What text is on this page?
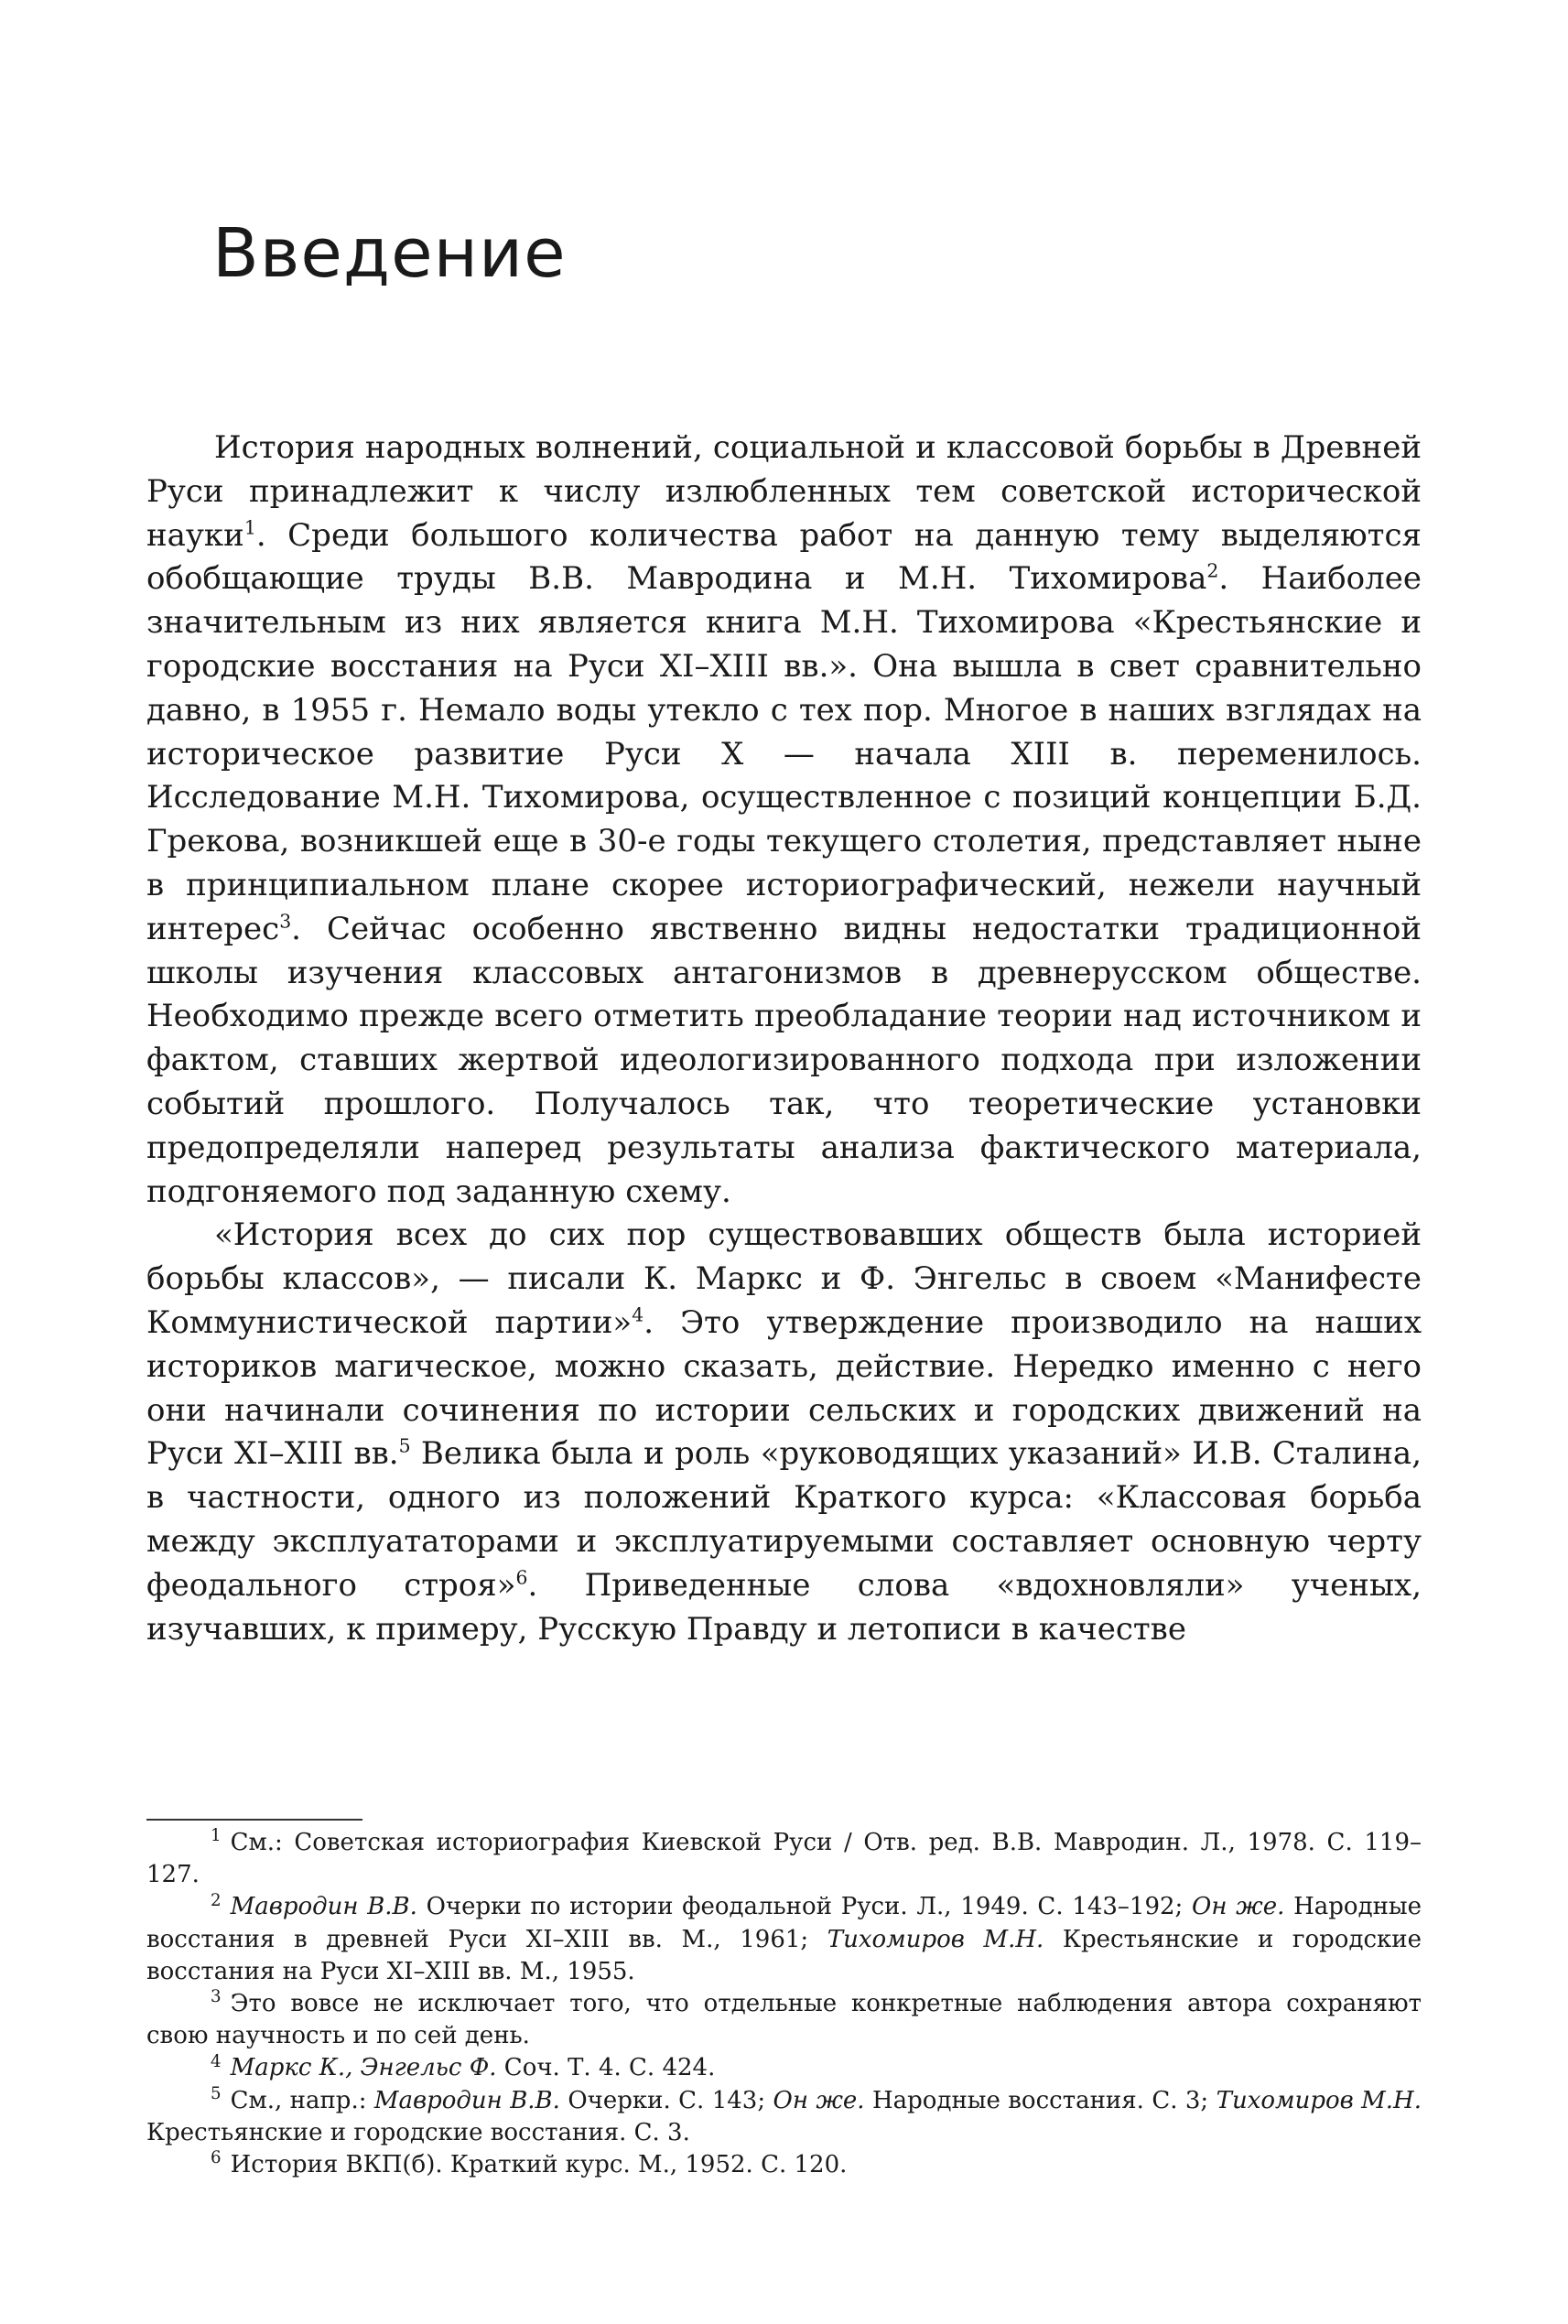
Введение

История народных волнений, социальной и классовой борьбы в Древней Руси принадлежит к числу излюбленных тем советской исторической науки$^1$. Среди большого количества работ на данную тему выделяются обобщающие труды В.В. Мавродина и М.Н. Тихомирова$^2$. Наиболее значительным из них является книга М.Н. Тихомирова «Крестьянские и городские восстания на Руси XI–XIII вв.». Она вышла в свет сравнительно давно, в 1955 г. Немало воды утекло с тех пор. Многое в наших взглядах на историческое развитие Руси X — начала XIII в. переменилось. Исследование М.Н. Тихомирова, осуществленное с позиций концепции Б.Д. Грекова, возникшей еще в 30-е годы текущего столетия, представляет ныне в принципиальном плане скорее историографический, нежели научный интерес$^3$. Сейчас особенно явственно видны недостатки традиционной школы изучения классовых антагонизмов в древнерусском обществе. Необходимо прежде всего отметить преобладание теории над источником и фактом, ставших жертвой идеологизированного подхода при изложении событий прошлого. Получалось так, что теоретические установки предопределяли наперед результаты анализа фактического материала, подгоняемого под заданную схему.

«История всех до сих пор существовавших обществ была историей борьбы классов», — писали К. Маркс и Ф. Энгельс в своем «Манифесте Коммунистической партии»$^4$. Это утверждение производило на наших историков магическое, можно сказать, действие. Нередко именно с него они начинали сочинения по истории сельских и городских движений на Руси XI–XIII вв.$^5$ Велика была и роль «руководящих указаний» И.В. Сталина, в частности, одного из положений Краткого курса: «Классовая борьба между эксплуататорами и эксплуатируемыми составляет основную черту феодального строя»$^6$. Приведенные слова «вдохновляли» ученых, изучавших, к примеру, Русскую Правду и летописи в качестве

$^1$ См.: Советская историография Киевской Руси / Отв. ред. В.В. Мавродин. Л., 1978. С. 119–127.

$^2$ Мавродин В.В. Очерки по истории феодальной Руси. Л., 1949. С. 143–192; Он же. Народные восстания в древней Руси XI–XIII вв. М., 1961; Тихомиров М.Н. Крестьянские и городские восстания на Руси XI–XIII вв. М., 1955.

$^3$ Это вовсе не исключает того, что отдельные конкретные наблюдения автора сохраняют свою научность и по сей день.

$^4$ Маркс К., Энгельс Ф. Соч. Т. 4. С. 424.

$^5$ См., напр.: Мавродин В.В. Очерки. С. 143; Он же. Народные восстания. С. 3; Тихомиров М.Н. Крестьянские и городские восстания. С. 3.

$^6$ История ВКП(б). Краткий курс. М., 1952. С. 120.
